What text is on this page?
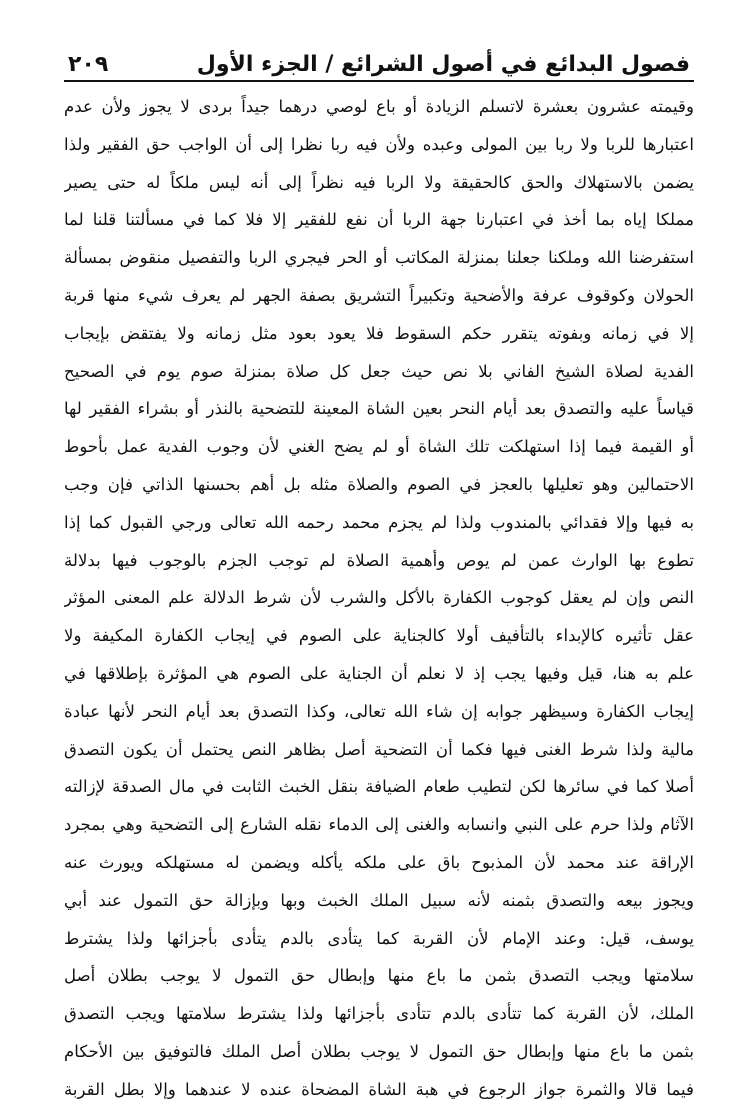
فصول البدائع في أصول الشرائع / الجزء الأول
٢٠٩
وقيمته عشرون بعشرة لاتسلم الزيادة أو باع لوصي درهما جيداً بردى لا يجوز ولأن عدم
اعتبارها للربا ولا ربا بين المولى وعبده ولأن فيه ربا نظرا إلى أن الواجب حق الفقير ولذا
يضمن بالاستهلاك والحق كالحقيقة ولا الربا فيه نظراً إلى أنه ليس ملكاً له حتى يصير
مملكا إياه بما أخذ في اعتبارنا جهة الربا أن نفع للفقير إلا فلا كما في مسألتنا قلنا لما
استفرضنا الله وملكنا جعلنا بمنزلة المكاتب أو الحر فيجري الربا والتفصيل منقوض بمسألة
الحولان وكوقوف عرفة والأضحية وتكبيراً التشريق بصفة الجهر لم يعرف شيء منها قربة
إلا في زمانه وبفوته يتقرر حكم السقوط فلا يعود بعود مثل زمانه ولا يفتقض بإيجاب
الفدية لصلاة الشيخ الفاني بلا نص حيث جعل كل صلاة بمنزلة صوم يوم في الصحيح
قياساً عليه والتصدق بعد أيام النحر بعين الشاة المعينة للتضحية بالنذر أو بشراء الفقير لها
أو القيمة فيما إذا استهلكت تلك الشاة أو لم يضح الغني لأن وجوب الفدية عمل بأحوط
الاحتمالين وهو تعليلها بالعجز في الصوم والصلاة مثله بل أهم بحسنها الذاتي فإن وجب
به فيها وإلا فقدائي بالمندوب ولذا لم يجزم محمد رحمه الله تعالى ورجي القبول كما إذا
تطوع بها الوارث عمن لم يوص وأهمية الصلاة لم توجب الجزم بالوجوب فيها بدلالة
النص وإن لم يعقل كوجوب الكفارة بالأكل والشرب لأن شرط الدلالة علم المعنى المؤثر
عقل تأثيره كالإبداء بالتأفيف أولا كالجناية على الصوم في إيجاب الكفارة المكيفة ولا
علم به هنا، قيل وفيها يجب إذ لا نعلم أن الجناية على الصوم هي المؤثرة بإطلاقها في
إيجاب الكفارة وسيظهر جوابه إن شاء الله تعالى، وكذا التصدق بعد أيام النحر لأنها عبادة
مالية ولذا شرط الغنى فيها فكما أن التضحية أصل بظاهر النص يحتمل أن يكون التصدق
أصلا كما في سائرها لكن لتطيب طعام الضيافة بنقل الخبث الثابت في مال الصدقة لإزالته
الآثام ولذا حرم على النبي وانسابه والغنى إلى الدماء نقله الشارع إلى التضحية وهي بمجرد
الإراقة عند محمد لأن المذبوح باق على ملكه يأكله ويضمن له مستهلكه ويورث عنه
ويجوز بيعه والتصدق بثمنه لأنه سبيل الملك الخبث وبها وبإزالة حق التمول عند أبي
يوسف، قيل: وعند الإمام لأن القربة كما يتأدى بالدم يتأدى بأجزائها ولذا يشترط
سلامتها ويجب التصدق بثمن ما باع منها وإبطال حق التمول لا يوجب بطلان أصل
الملك، لأن القربة كما تتأدى بالدم تتأدى بأجزائها ولذا يشترط سلامتها ويجب التصدق
بثمن ما باع منها وإبطال حق التمول لا يوجب بطلان أصل الملك فالتوفيق بين الأحكام
فيما قالا والثمرة جواز الرجوع في هبة الشاة المضحاة عنده لا عندهما وإلا بطل القربة
